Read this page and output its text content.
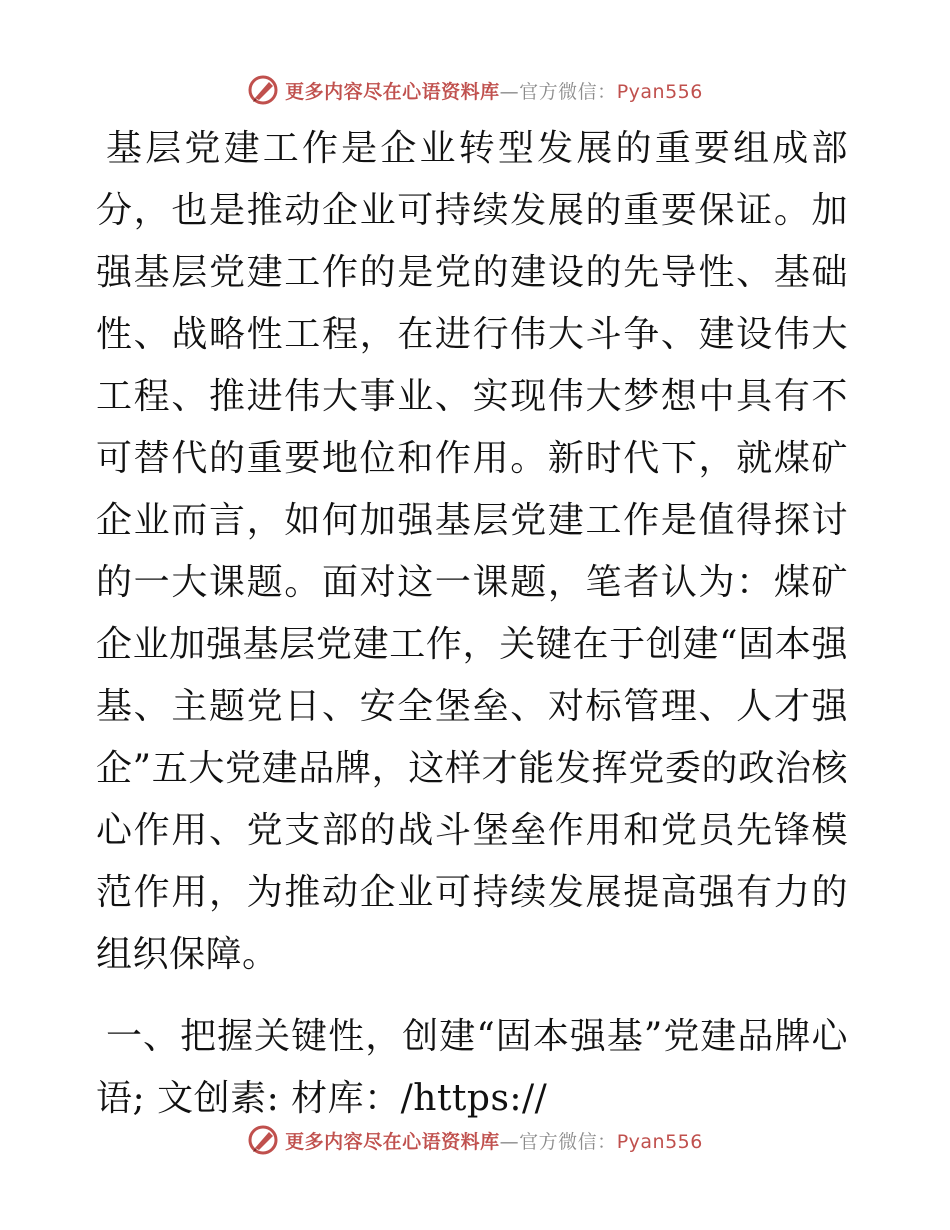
更多内容尽在心语资料库—官方微信：Pyan556

基层党建工作是企业转型发展的重要组成部分，也是推动企业可持续发展的重要保证。加强基层党建工作的是党的建设的先导性、基础性、战略性工程，在进行伟大斗争、建设伟大工程、推进伟大事业、实现伟大梦想中具有不可替代的重要地位和作用。新时代下，就煤矿企业而言，如何加强基层党建工作是值得探讨的一大课题。面对这一课题，笔者认为：煤矿企业加强基层党建工作，关键在于创建“固本强基、主题党日、安全堡垒、对标管理、人才强企”五大党建品牌，这样才能发挥党委的政治核心作用、党支部的战斗堡垒作用和党员先锋模范作用，为推动企业可持续发展提高强有力的组织保障。

一、把握关键性，创建“固本强基”党建品牌心语; 文创素: 材库：/https://

更多内容尽在心语资料库—官方微信：Pyan556
